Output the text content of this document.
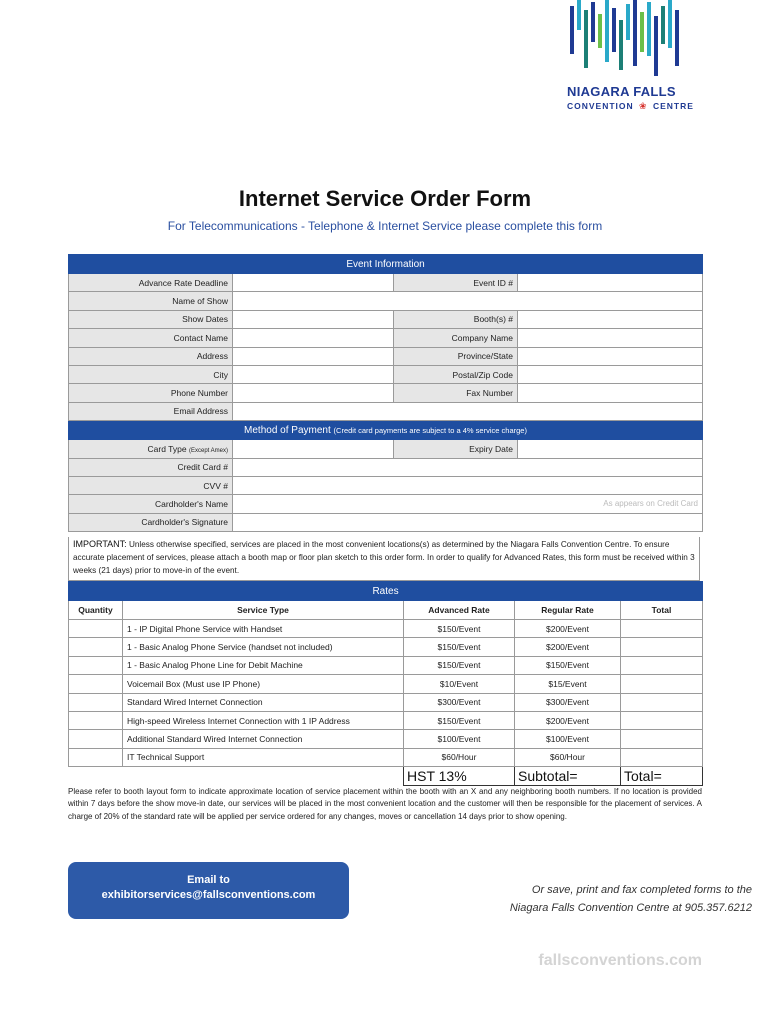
NIAGARA FALLS
CONVENTION ❀ CENTRE
Internet Service Order Form
For Telecommunications - Telephone & Internet Service please complete this form
Event Information			
Advance Rate Deadline		Event ID #	
Name of Show			
Show Dates		Booth(s) #	
Contact Name		Company Name	
Address		Province/State	
City		Postal/Zip Code	
Phone Number		Fax Number	
Email Address			
Method of Payment (Credit card payments are subject to a 4% service charge)			
Card Type (Except Amex)		Expiry Date	
Credit Card #			
CVV #			
Cardholder's Name	As appears on Credit Card		

Cardholder's Signature			
IMPORTANT: Unless otherwise specified, services are placed in the most convenient locations(s) as determined by the Niagara Falls Convention Centre. To ensure accurate placement of services, please attach a booth map or floor plan sketch to this order form. In order to qualify for Advanced Rates, this form must be received within 3 weeks (21 days) prior to move-in of the event.
Rates				
Quantity	Service Type	Advanced Rate	Regular Rate	Total
	1 - IP Digital Phone Service with Handset	$150/Event	$200/Event	
	1 - Basic Analog Phone Service (handset not included)	$150/Event	$200/Event	
	1 - Basic Analog Phone Line for Debit Machine	$150/Event	$150/Event	
	Voicemail Box (Must use IP Phone)	$10/Event	$15/Event	
	Standard Wired Internet Connection	$300/Event	$300/Event	
	High-speed Wireless Internet Connection with 1 IP Address	$150/Event	$200/Event	
	Additional Standard Wired Internet Connection	$100/Event	$100/Event	
	IT Technical Support	$60/Hour	$60/Hour	
		HST 13%	Subtotal=	Total=
Please refer to booth layout form to indicate approximate location of service placement within the booth with an X and any neighboring booth numbers. If no location is provided within 7 days before the show move-in date, our services will be placed in the most convenient location and the customer will then be responsible for the placement of services. A charge of 20% of the standard rate will be applied per service ordered for any changes, moves or cancellation 14 days prior to show opening.
Email to
exhibitorservices@fallsconventions.com	Or save, print and fax completed forms to the
Niagara Falls Convention Centre at 905.357.6212
fallsconventions.com
